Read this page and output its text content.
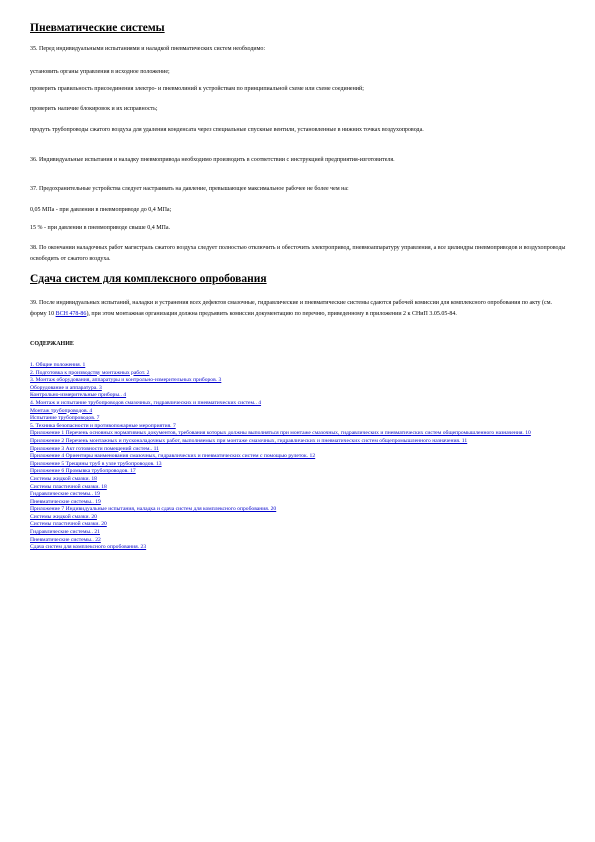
Пневматические системы
35. Перед индивидуальными испытаниями и наладкой пневматических систем необходимо:
установить органы управления в исходное положение;
проверить правильность присоединения электро- и пневмолиний к устройствам по принципиальной схеме или схеме соединений;
проверить наличие блокировок и их исправность;
продуть трубопроводы сжатого воздуха для удаления конденсата через специальные спускные вентили, установленные в нижних точках воздухопровода.
36. Индивидуальные испытания и наладку пневмопривода необходимо производить в соответствии с инструкцией предприятия-изготовителя.
37. Предохранительные устройства следует настраивать на давление, превышающее максимальное рабочее не более чем на:
0,05 МПа - при давлении в пневмоприводе до 0,4 МПа;
15 % - при давлении в пневмоприводе свыше 0,4 МПа.
38. По окончании наладочных работ магистраль сжатого воздуха следует полностью отключить и обесточить электропривод, пневмоаппаратуру управления, а все цилиндры пневмоприводов и воздухопроводы освободить от сжатого воздуха.
Сдача систем для комплексного опробования
39. После индивидуальных испытаний, наладки и устранения всех дефектов смазочные, гидравлические и пневматические системы сдаются рабочей комиссии для комплексного опробования по акту (см. форму 10 ВСН 478-86), при этом монтажная организация должна предъявить комиссии документацию по перечню, приведенному в приложении 2 к СНиП 3.05.05-84.
СОДЕРЖАНИЕ
1. Общие положения. 1
2. Подготовка к производству монтажных работ. 2
3. Монтаж оборудования, аппаратуры и контрольно-измерительных приборов. 3
Оборудование и аппаратура. 3
Контрольно-измерительные приборы.. 4
4. Монтаж и испытание трубопроводов смазочных, гидравлических и пневматических систем.. 4
Монтаж трубопроводов. 4
Испытание трубопроводов. 7
5. Техника безопасности и противопожарные мероприятия. 7
Приложение 1 Перечень основных нормативных документов, требования которых должны выполняться при монтаже смазочных, гидравлических и пневматических систем общепромышленного назначения. 10
Приложение 2 Перечень монтажных и пусконаладочных работ, выполняемых при монтаже смазочных, гидравлических и пневматических систем общепромышленного назначения. 11
Приложение 3 Акт готовности помещений систем.. 11
Приложение 4 Ориентиры наименования смазочных, гидравлических и пневматических систем с помощью рулеток. 12
Приложение 5 Трещины труб в узле трубопроводов. 13
Приложение 6 Промывка трубопроводов. 17
Системы жидкой смазки. 18
Системы пластичной смазки. 18
Гидравлические системы.. 19
Пневматические системы.. 19
Приложение 7 Индивидуальные испытания, наладка и сдача систем для комплексного опробования. 20
Системы жидкой смазки. 20
Системы пластичной смазки. 20
Гидравлические системы.. 21
Пневматические системы.. 22
Сдача систем для комплексного опробования. 23
